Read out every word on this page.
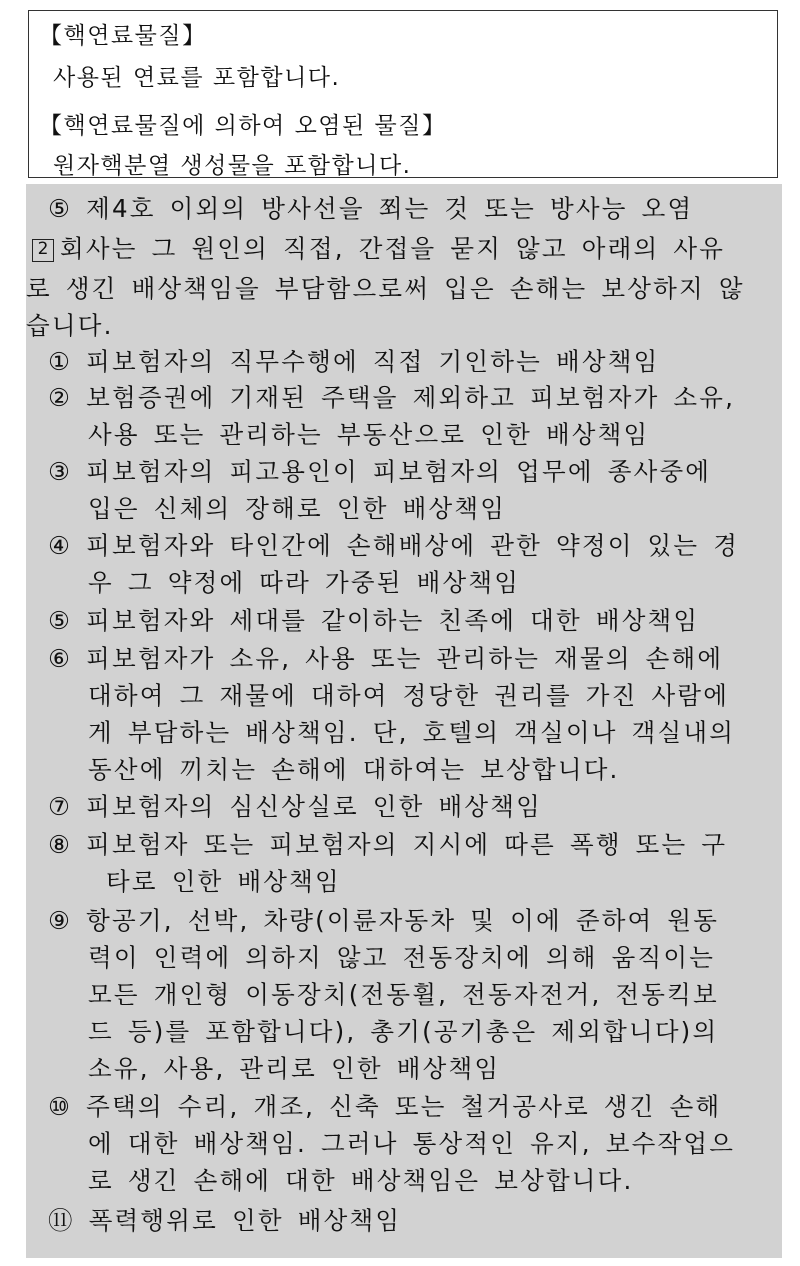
【핵연료물질】
사용된 연료를 포함합니다.
【핵연료물질에 의하여 오염된 물질】
원자핵분열 생성물을 포함합니다.
⑤ 제4호 이외의 방사선을 쬐는 것 또는 방사능 오염
2 회사는 그 원인의 직접, 간접을 묻지 않고 아래의 사유
로 생긴 배상책임을 부담함으로써 입은 손해는 보상하지 않
습니다.
① 피보험자의 직무수행에 직접 기인하는 배상책임
② 보험증권에 기재된 주택을 제외하고 피보험자가 소유,
사용 또는 관리하는 부동산으로 인한 배상책임
③ 피보험자의 피고용인이 피보험자의 업무에 종사중에
입은 신체의 장해로 인한 배상책임
④ 피보험자와 타인간에 손해배상에 관한 약정이 있는 경
우 그 약정에 따라 가중된 배상책임
⑤ 피보험자와 세대를 같이하는 친족에 대한 배상책임
⑥ 피보험자가 소유, 사용 또는 관리하는 재물의 손해에
대하여 그 재물에 대하여 정당한 권리를 가진 사람에
게 부담하는 배상책임. 단, 호텔의 객실이나 객실내의
동산에 끼치는 손해에 대하여는 보상합니다.
⑦ 피보험자의 심신상실로 인한 배상책임
⑧ 피보험자 또는 피보험자의 지시에 따른 폭행 또는 구
타로 인한 배상책임
⑨ 항공기, 선박, 차량(이륜자동차 및 이에 준하여 원동
력이 인력에 의하지 않고 전동장치에 의해 움직이는
모든 개인형 이동장치(전동휠, 전동자전거, 전동킥보
드 등)를 포함합니다), 총기(공기총은 제외합니다)의
소유, 사용, 관리로 인한 배상책임
⑩ 주택의 수리, 개조, 신축 또는 철거공사로 생긴 손해
에 대한 배상책임. 그러나 통상적인 유지, 보수작업으
로 생긴 손해에 대한 배상책임은 보상합니다.
⑪ 폭력행위로 인한 배상책임
